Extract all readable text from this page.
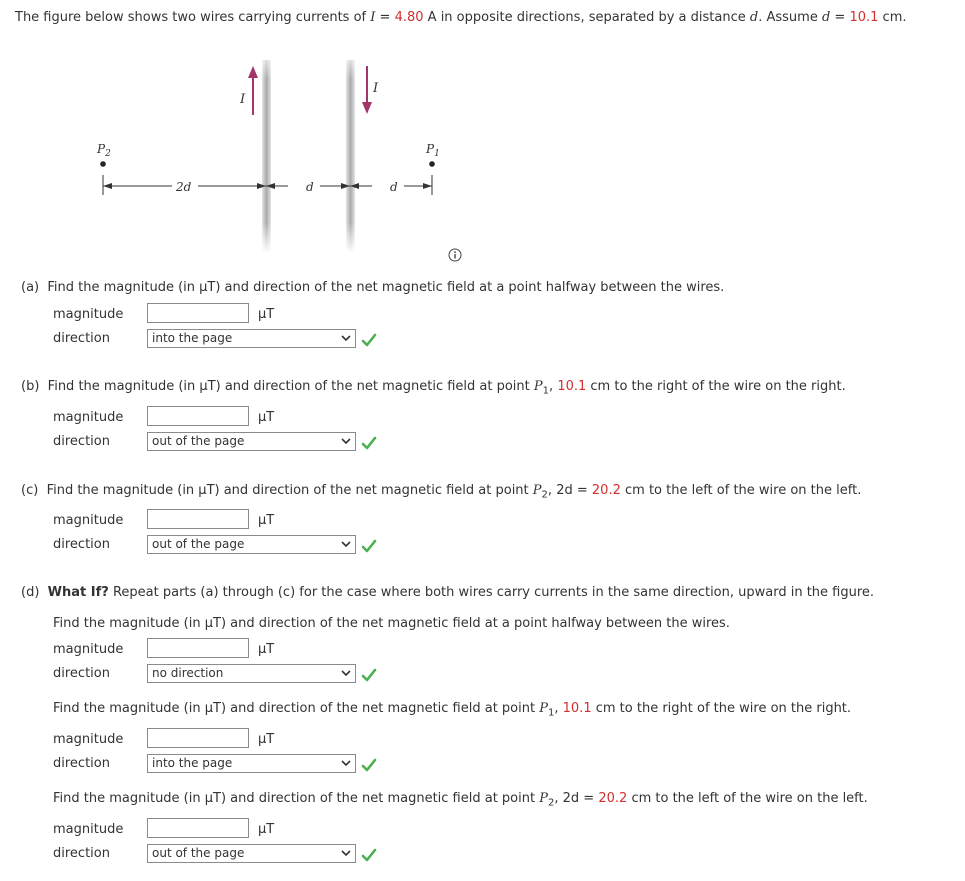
The figure below shows two wires carrying currents of I = 4.80 A in opposite directions, separated by a distance d. Assume d = 10.1 cm.
I
I
$P_2$	$P_1$
2d	d	d
(a) Find the magnitude (in μT) and direction of the net magnetic field at a point halfway between the wires.
magnitude	μT
direction	into the page
(b) Find the magnitude (in μT) and direction of the net magnetic field at point $P_1$, 10.1 cm to the right of the wire on the right.
magnitude	μT
direction	out of the page
(c) Find the magnitude (in μT) and direction of the net magnetic field at point $P_2$, 2d = 20.2 cm to the left of the wire on the left.
magnitude	μT
direction	out of the page
(d) What If? Repeat parts (a) through (c) for the case where both wires carry currents in the same direction, upward in the figure.
Find the magnitude (in μT) and direction of the net magnetic field at a point halfway between the wires.
magnitude	μT
direction	no direction
Find the magnitude (in μT) and direction of the net magnetic field at point $P_1$, 10.1 cm to the right of the wire on the right.
magnitude	μT
direction	into the page
Find the magnitude (in μT) and direction of the net magnetic field at point $P_2$, 2d = 20.2 cm to the left of the wire on the left.
magnitude	μT
direction	out of the page
